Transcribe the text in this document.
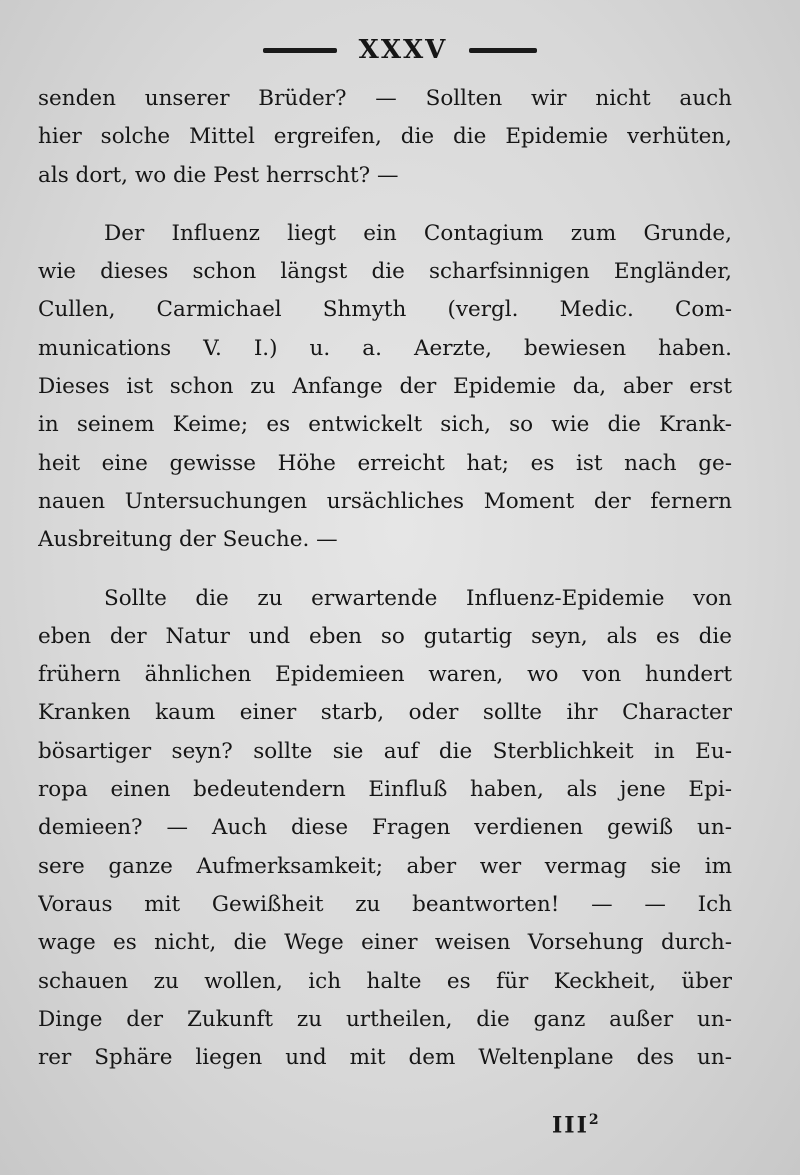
XXXV
senden unserer Brüder? — Sollten wir nicht auch
hier solche Mittel ergreifen, die die Epidemie verhüten,
als dort, wo die Pest herrscht? —
Der Influenz liegt ein Contagium zum Grunde,
wie dieses schon längst die scharfsinnigen Engländer,
Cullen, Carmichael Shmyth (vergl. Medic. Com-
munications V. I.) u. a. Aerzte, bewiesen haben.
Dieses ist schon zu Anfange der Epidemie da, aber erst
in seinem Keime; es entwickelt sich, so wie die Krank-
heit eine gewisse Höhe erreicht hat; es ist nach ge-
nauen Untersuchungen ursächliches Moment der fernern
Ausbreitung der Seuche. —
Sollte die zu erwartende Influenz-Epidemie von
eben der Natur und eben so gutartig seyn, als es die
frühern ähnlichen Epidemieen waren, wo von hundert
Kranken kaum einer starb, oder sollte ihr Character
bösartiger seyn? sollte sie auf die Sterblichkeit in Eu-
ropa einen bedeutendern Einfluß haben, als jene Epi-
demieen? — Auch diese Fragen verdienen gewiß un-
sere ganze Aufmerksamkeit; aber wer vermag sie im
Voraus mit Gewißheit zu beantworten! — — Ich
wage es nicht, die Wege einer weisen Vorsehung durch-
schauen zu wollen, ich halte es für Keckheit, über
Dinge der Zukunft zu urtheilen, die ganz außer un-
rer Sphäre liegen und mit dem Weltenplane des un-
III$^2$
